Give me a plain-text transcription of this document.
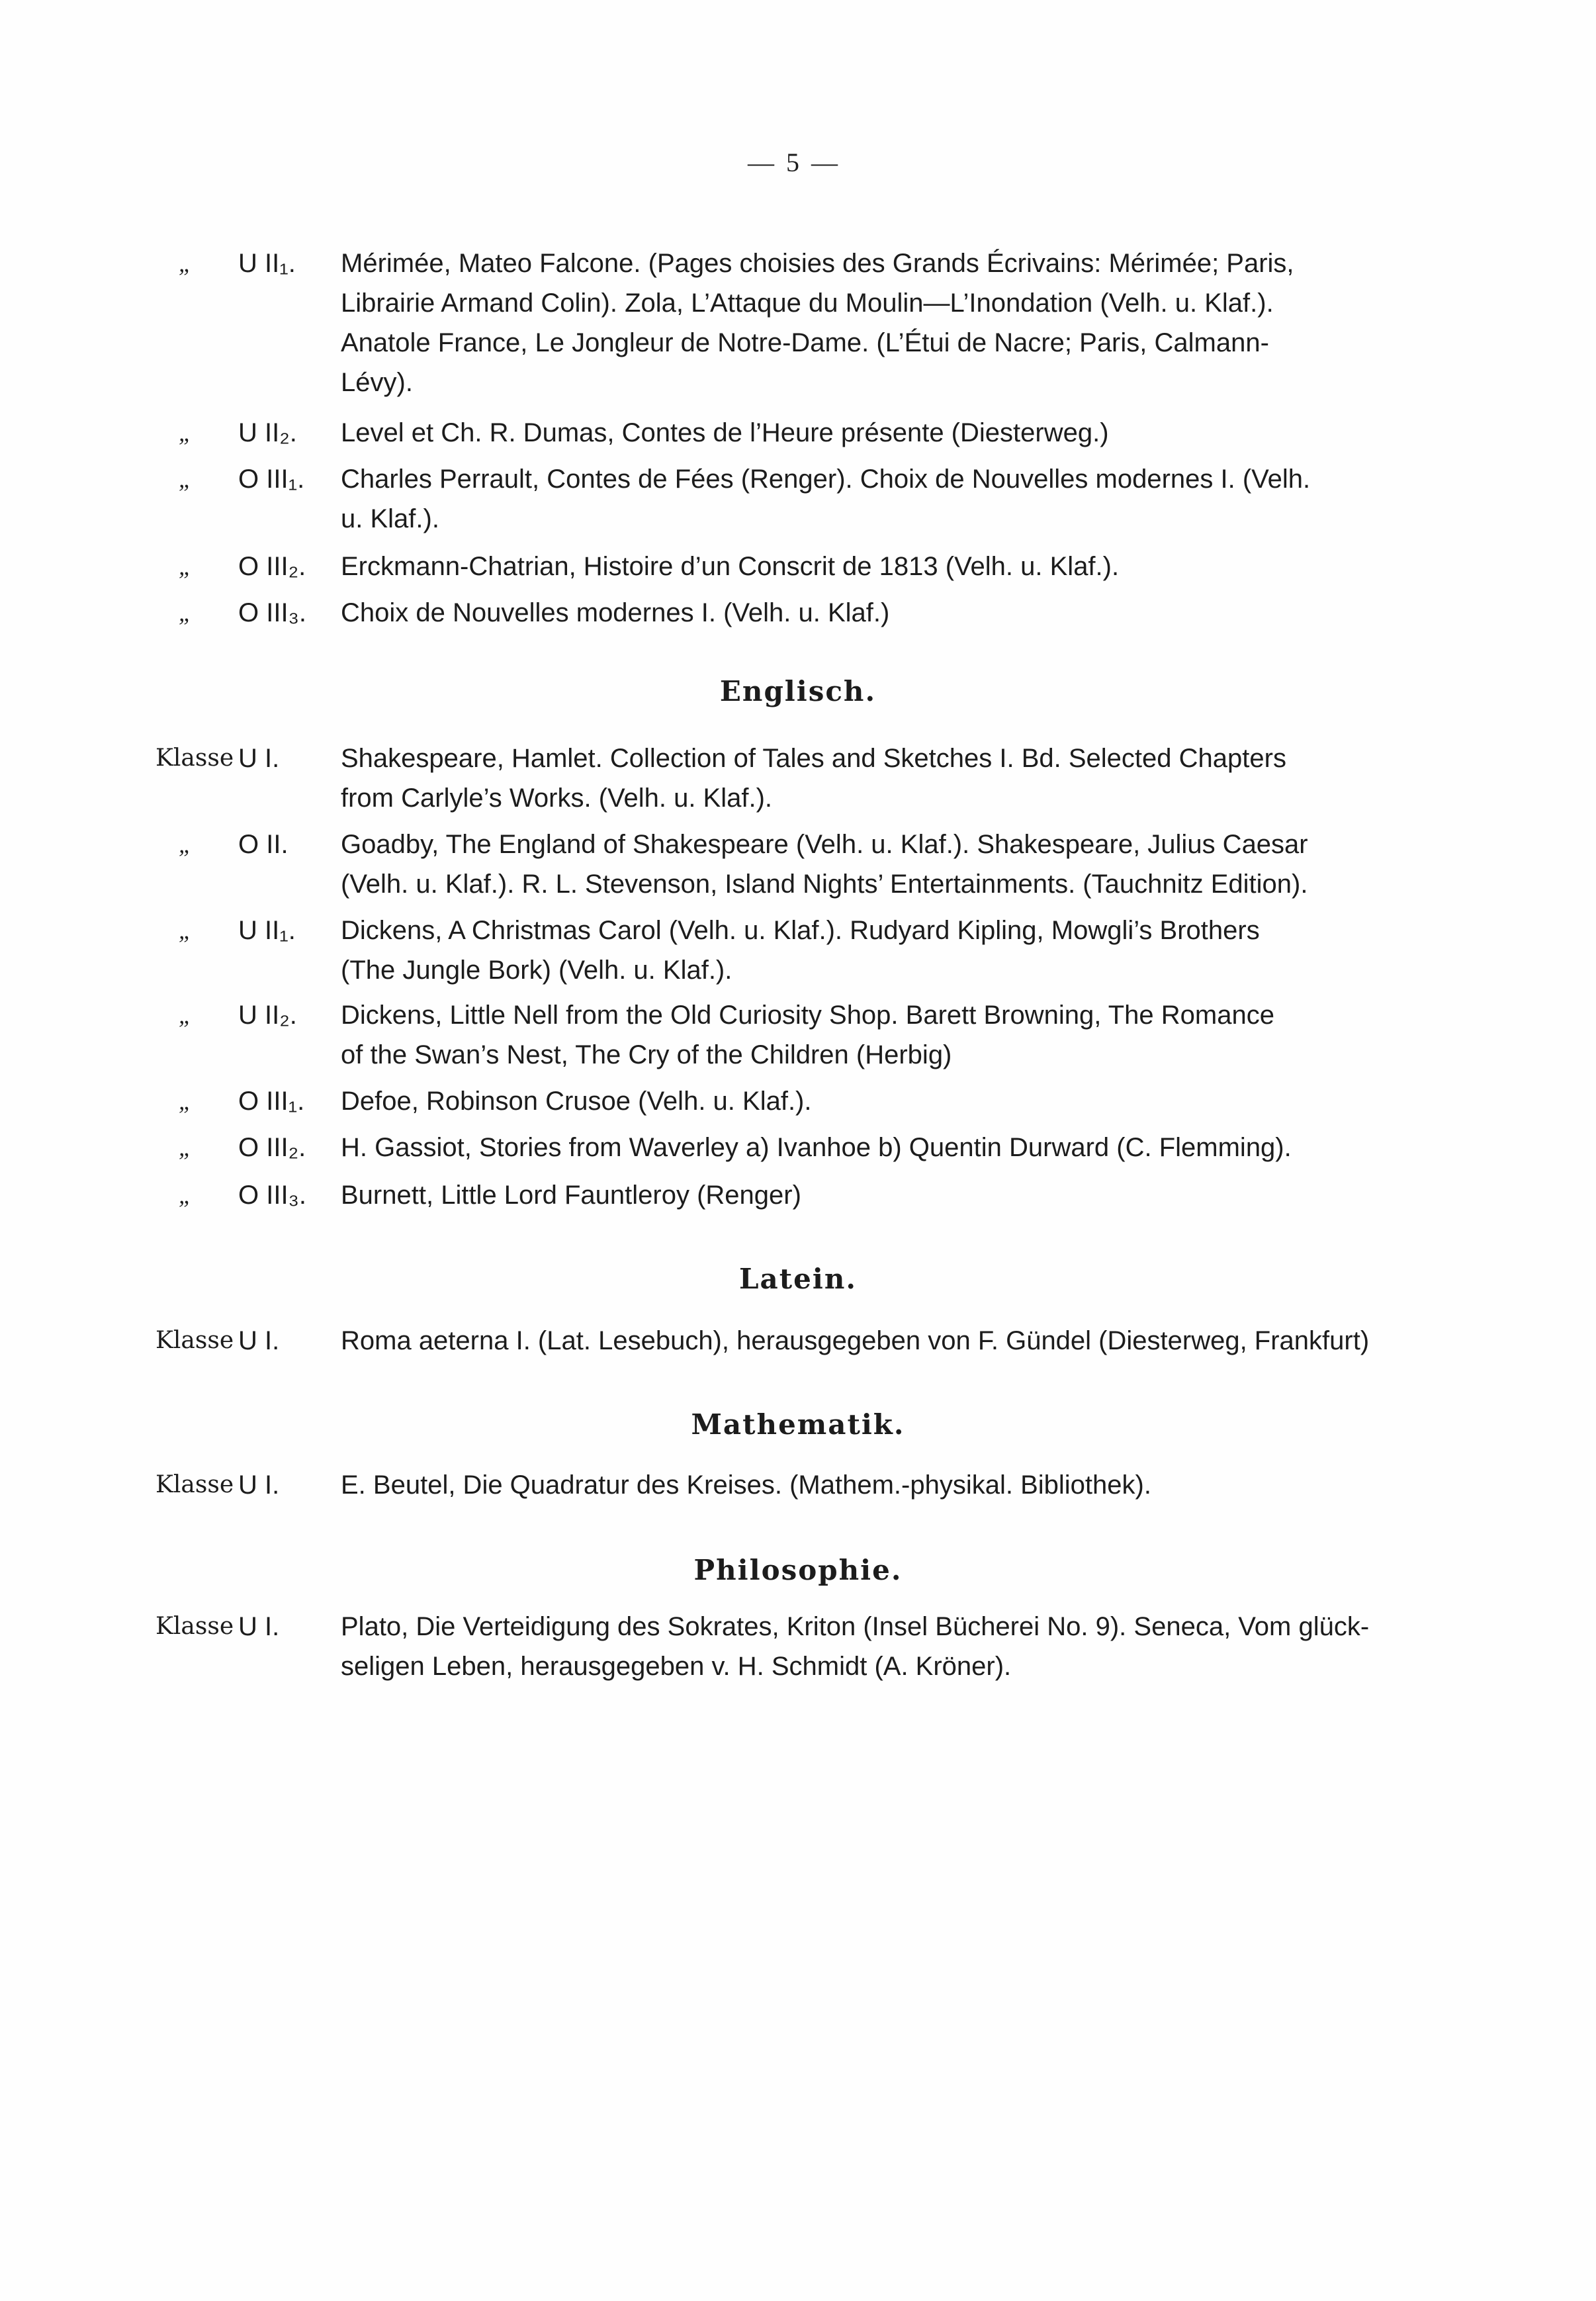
— 5 —
„ U II₁. Mérimée, Mateo Falcone. (Pages choisies des Grands Écrivains: Mérimée; Paris,
Librairie Armand Colin). Zola, L’Attaque du Moulin—L’Inondation (Velh. u. Klaf.).
Anatole France, Le Jongleur de Notre-Dame. (L’Étui de Nacre; Paris, Calmann-
Lévy).
„ U II₂. Level et Ch. R. Dumas, Contes de l’Heure présente (Diesterweg.)
„ O III₁. Charles Perrault, Contes de Fées (Renger). Choix de Nouvelles modernes I. (Velh.
u. Klaf.).
„ O III₂. Erckmann-Chatrian, Histoire d’un Conscrit de 1813 (Velh. u. Klaf.).
„ O III₃. Choix de Nouvelles modernes I. (Velh. u. Klaf.)
Englisch.
Klasse U I. Shakespeare, Hamlet. Collection of Tales and Sketches I. Bd. Selected Chapters
from Carlyle’s Works. (Velh. u. Klaf.).
„ O II. Goadby, The England of Shakespeare (Velh. u. Klaf.). Shakespeare, Julius Caesar
(Velh. u. Klaf.). R. L. Stevenson, Island Nights’ Entertainments. (Tauchnitz Edition).
„ U II₁. Dickens, A Christmas Carol (Velh. u. Klaf.). Rudyard Kipling, Mowgli’s Brothers
(The Jungle Bork) (Velh. u. Klaf.).
„ U II₂. Dickens, Little Nell from the Old Curiosity Shop. Barett Browning, The Romance
of the Swan’s Nest, The Cry of the Children (Herbig)
„ O III₁. Defoe, Robinson Crusoe (Velh. u. Klaf.).
„ O III₂. H. Gassiot, Stories from Waverley a) Ivanhoe b) Quentin Durward (C. Flemming).
„ O III₃. Burnett, Little Lord Fauntleroy (Renger)
Latein.
Klasse U I. Roma aeterna I. (Lat. Lesebuch), herausgegeben von F. Gündel (Diesterweg, Frankfurt)
Mathematik.
Klasse U I. E. Beutel, Die Quadratur des Kreises. (Mathem.-physikal. Bibliothek).
Philosophie.
Klasse U I. Plato, Die Verteidigung des Sokrates, Kriton (Insel Bücherei No. 9). Seneca, Vom glück-
seligen Leben, herausgegeben v. H. Schmidt (A. Kröner).
